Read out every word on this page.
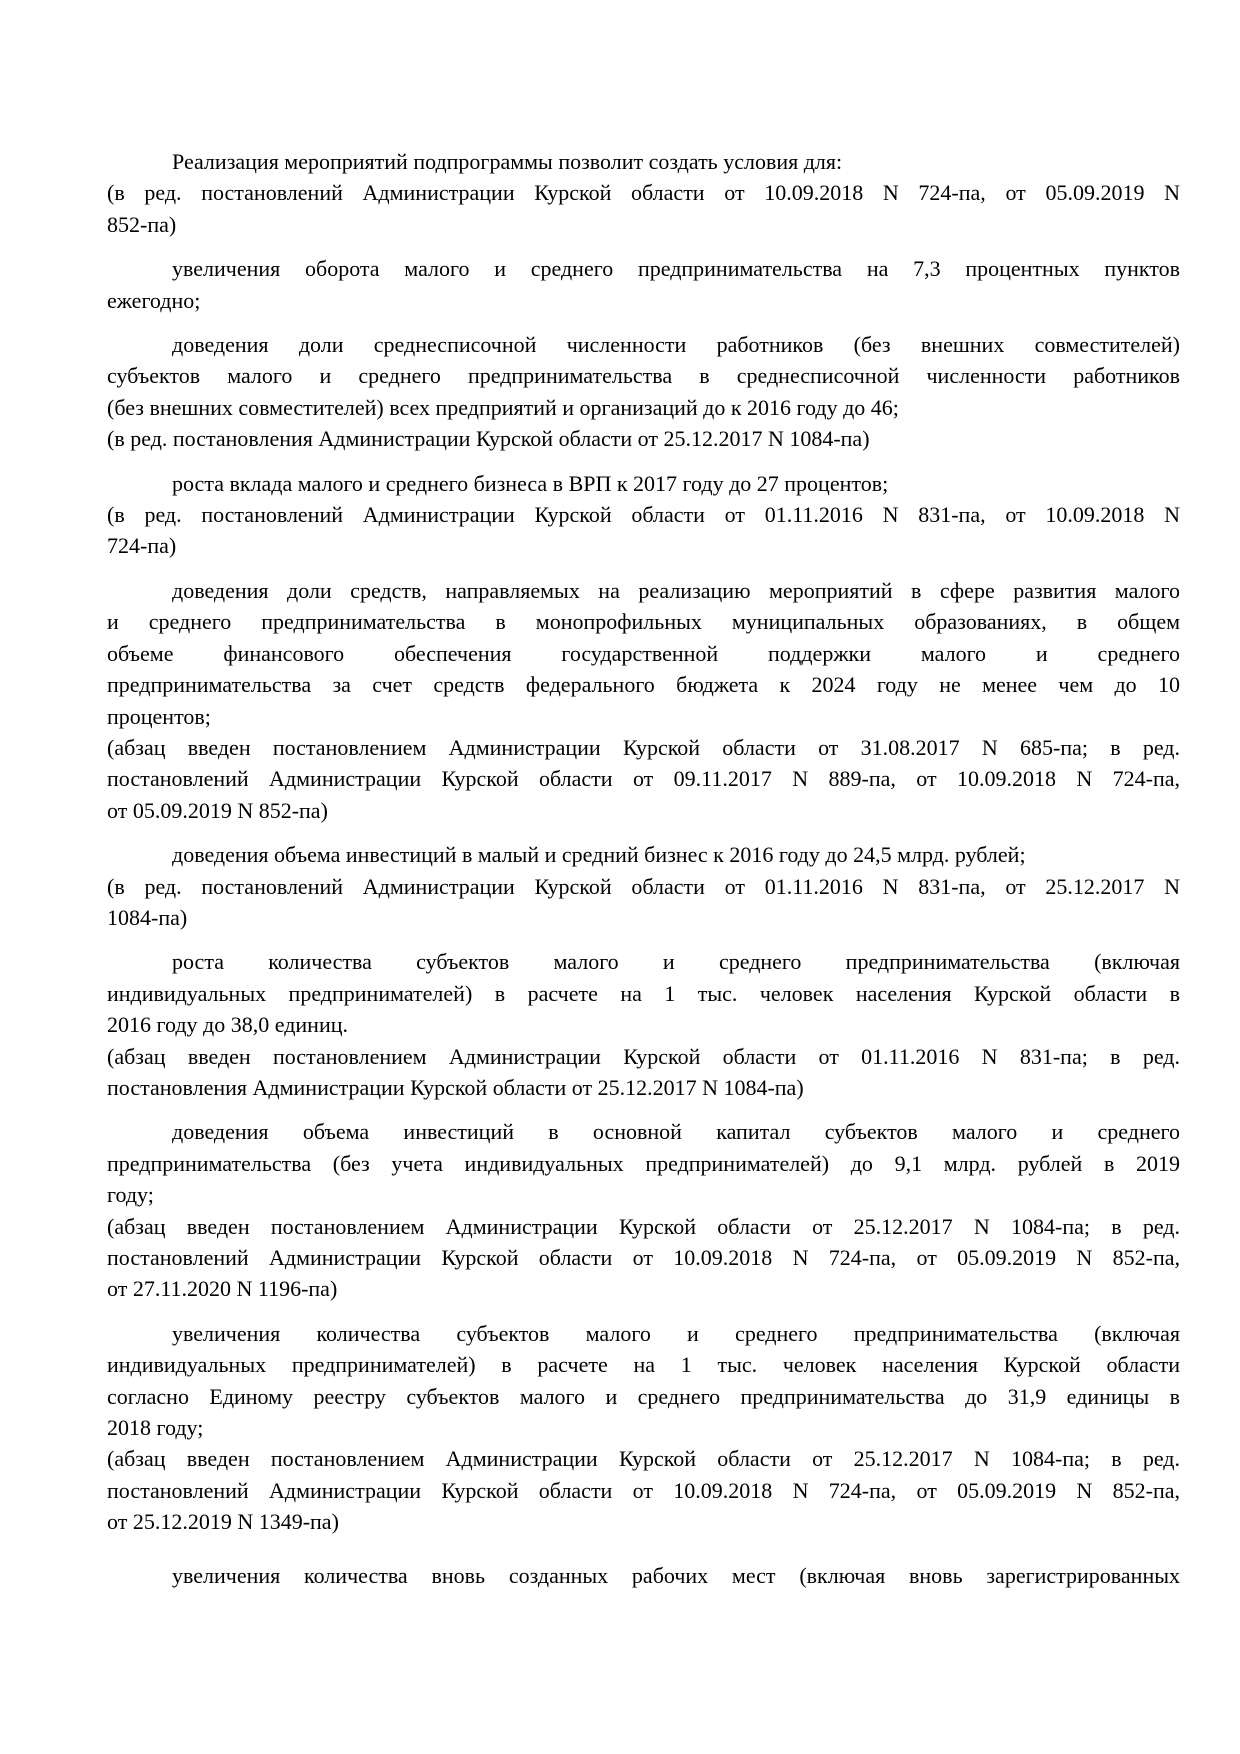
Реализация мероприятий подпрограммы позволит создать условия для:
(в ред. постановлений Администрации Курской области от 10.09.2018 N 724-па, от 05.09.2019 N
852-па)
увеличения оборота малого и среднего предпринимательства на 7,3 процентных пунктов
ежегодно;
доведения доли среднесписочной численности работников (без внешних совместителей)
субъектов малого и среднего предпринимательства в среднесписочной численности работников
(без внешних совместителей) всех предприятий и организаций до к 2016 году до 46;
(в ред. постановления Администрации Курской области от 25.12.2017 N 1084-па)
роста вклада малого и среднего бизнеса в ВРП к 2017 году до 27 процентов;
(в ред. постановлений Администрации Курской области от 01.11.2016 N 831-па, от 10.09.2018 N
724-па)
доведения доли средств, направляемых на реализацию мероприятий в сфере развития малого
и среднего предпринимательства в монопрофильных муниципальных образованиях, в общем
объеме финансового обеспечения государственной поддержки малого и среднего
предпринимательства за счет средств федерального бюджета к 2024 году не менее чем до 10
процентов;
(абзац введен постановлением Администрации Курской области от 31.08.2017 N 685-па; в ред.
постановлений Администрации Курской области от 09.11.2017 N 889-па, от 10.09.2018 N 724-па,
от 05.09.2019 N 852-па)
доведения объема инвестиций в малый и средний бизнес к 2016 году до 24,5 млрд. рублей;
(в ред. постановлений Администрации Курской области от 01.11.2016 N 831-па, от 25.12.2017 N
1084-па)
роста количества субъектов малого и среднего предпринимательства (включая
индивидуальных предпринимателей) в расчете на 1 тыс. человек населения Курской области в
2016 году до 38,0 единиц.
(абзац введен постановлением Администрации Курской области от 01.11.2016 N 831-па; в ред.
постановления Администрации Курской области от 25.12.2017 N 1084-па)
доведения объема инвестиций в основной капитал субъектов малого и среднего
предпринимательства (без учета индивидуальных предпринимателей) до 9,1 млрд. рублей в 2019
году;
(абзац введен постановлением Администрации Курской области от 25.12.2017 N 1084-па; в ред.
постановлений Администрации Курской области от 10.09.2018 N 724-па, от 05.09.2019 N 852-па,
от 27.11.2020 N 1196-па)
увеличения количества субъектов малого и среднего предпринимательства (включая
индивидуальных предпринимателей) в расчете на 1 тыс. человек населения Курской области
согласно Единому реестру субъектов малого и среднего предпринимательства до 31,9 единицы в
2018 году;
(абзац введен постановлением Администрации Курской области от 25.12.2017 N 1084-па; в ред.
постановлений Администрации Курской области от 10.09.2018 N 724-па, от 05.09.2019 N 852-па,
от 25.12.2019 N 1349-па)
увеличения количества вновь созданных рабочих мест (включая вновь зарегистрированных
